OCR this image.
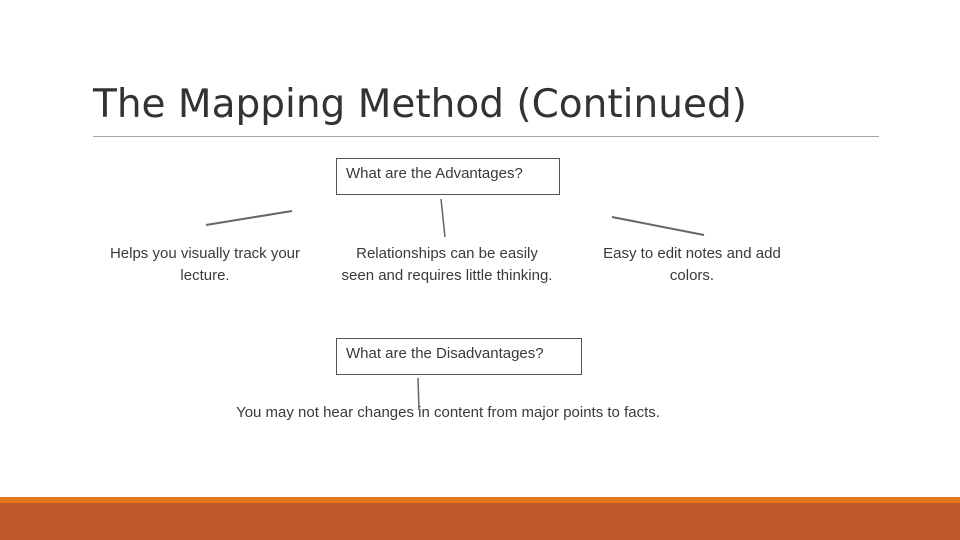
The Mapping Method (Continued)
What are the Advantages?
Helps you visually track your lecture.
Relationships can be easily seen and requires little thinking.
Easy to edit notes and add colors.
What are the Disadvantages?
You may not hear changes in content from major points to facts.
